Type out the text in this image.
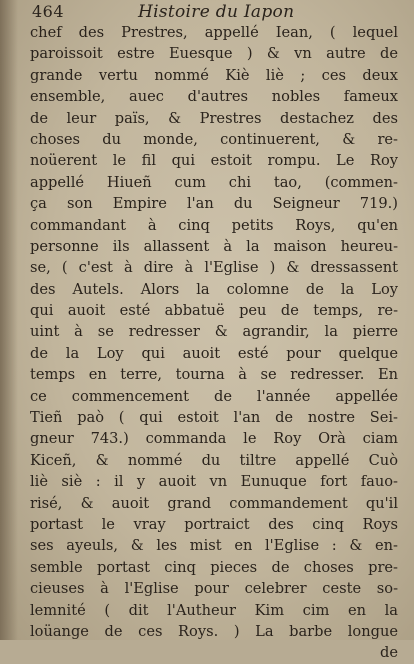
464	Histoire du Iapon
chef des Prestres, appellé Iean, ( lequel
paroissoit estre Euesque ) & vn autre de
grande vertu nommé Kiè liè ; ces deux
ensemble, auec d'autres nobles fameux
de leur païs, & Prestres destachez des
choses du monde, continuerent, & re-
noüerent le fil qui estoit rompu. Le Roy
appellé Hiueñ cum chi tao, (commen-
ça son Empire l'an du Seigneur 719.)
commandant à cinq petits Roys, qu'en
personne ils allassent à la maison heureu-
se, ( c'est à dire à l'Eglise ) & dressassent
des Autels. Alors la colomne de la Loy
qui auoit esté abbatuë peu de temps, re-
uint à se redresser & agrandir, la pierre
de la Loy qui auoit esté pour quelque
temps en terre, tourna à se redresser. En
ce commencement de l'année appellée
Tieñ paò ( qui estoit l'an de nostre Sei-
gneur 743.) commanda le Roy Orà ciam
Kiceñ, & nommé du tiltre appellé Cuò
liè siè : il y auoit vn Eunuque fort fauo-
risé, & auoit grand commandement qu'il
portast le vray portraict des cinq Roys
ses ayeuls, & les mist en l'Eglise : & en-
semble portast cinq pieces de choses pre-
cieuses à l'Eglise pour celebrer ceste so-
lemnité ( dit l'Autheur Kim cim en la
loüange de ces Roys. ) La barbe longue
de
